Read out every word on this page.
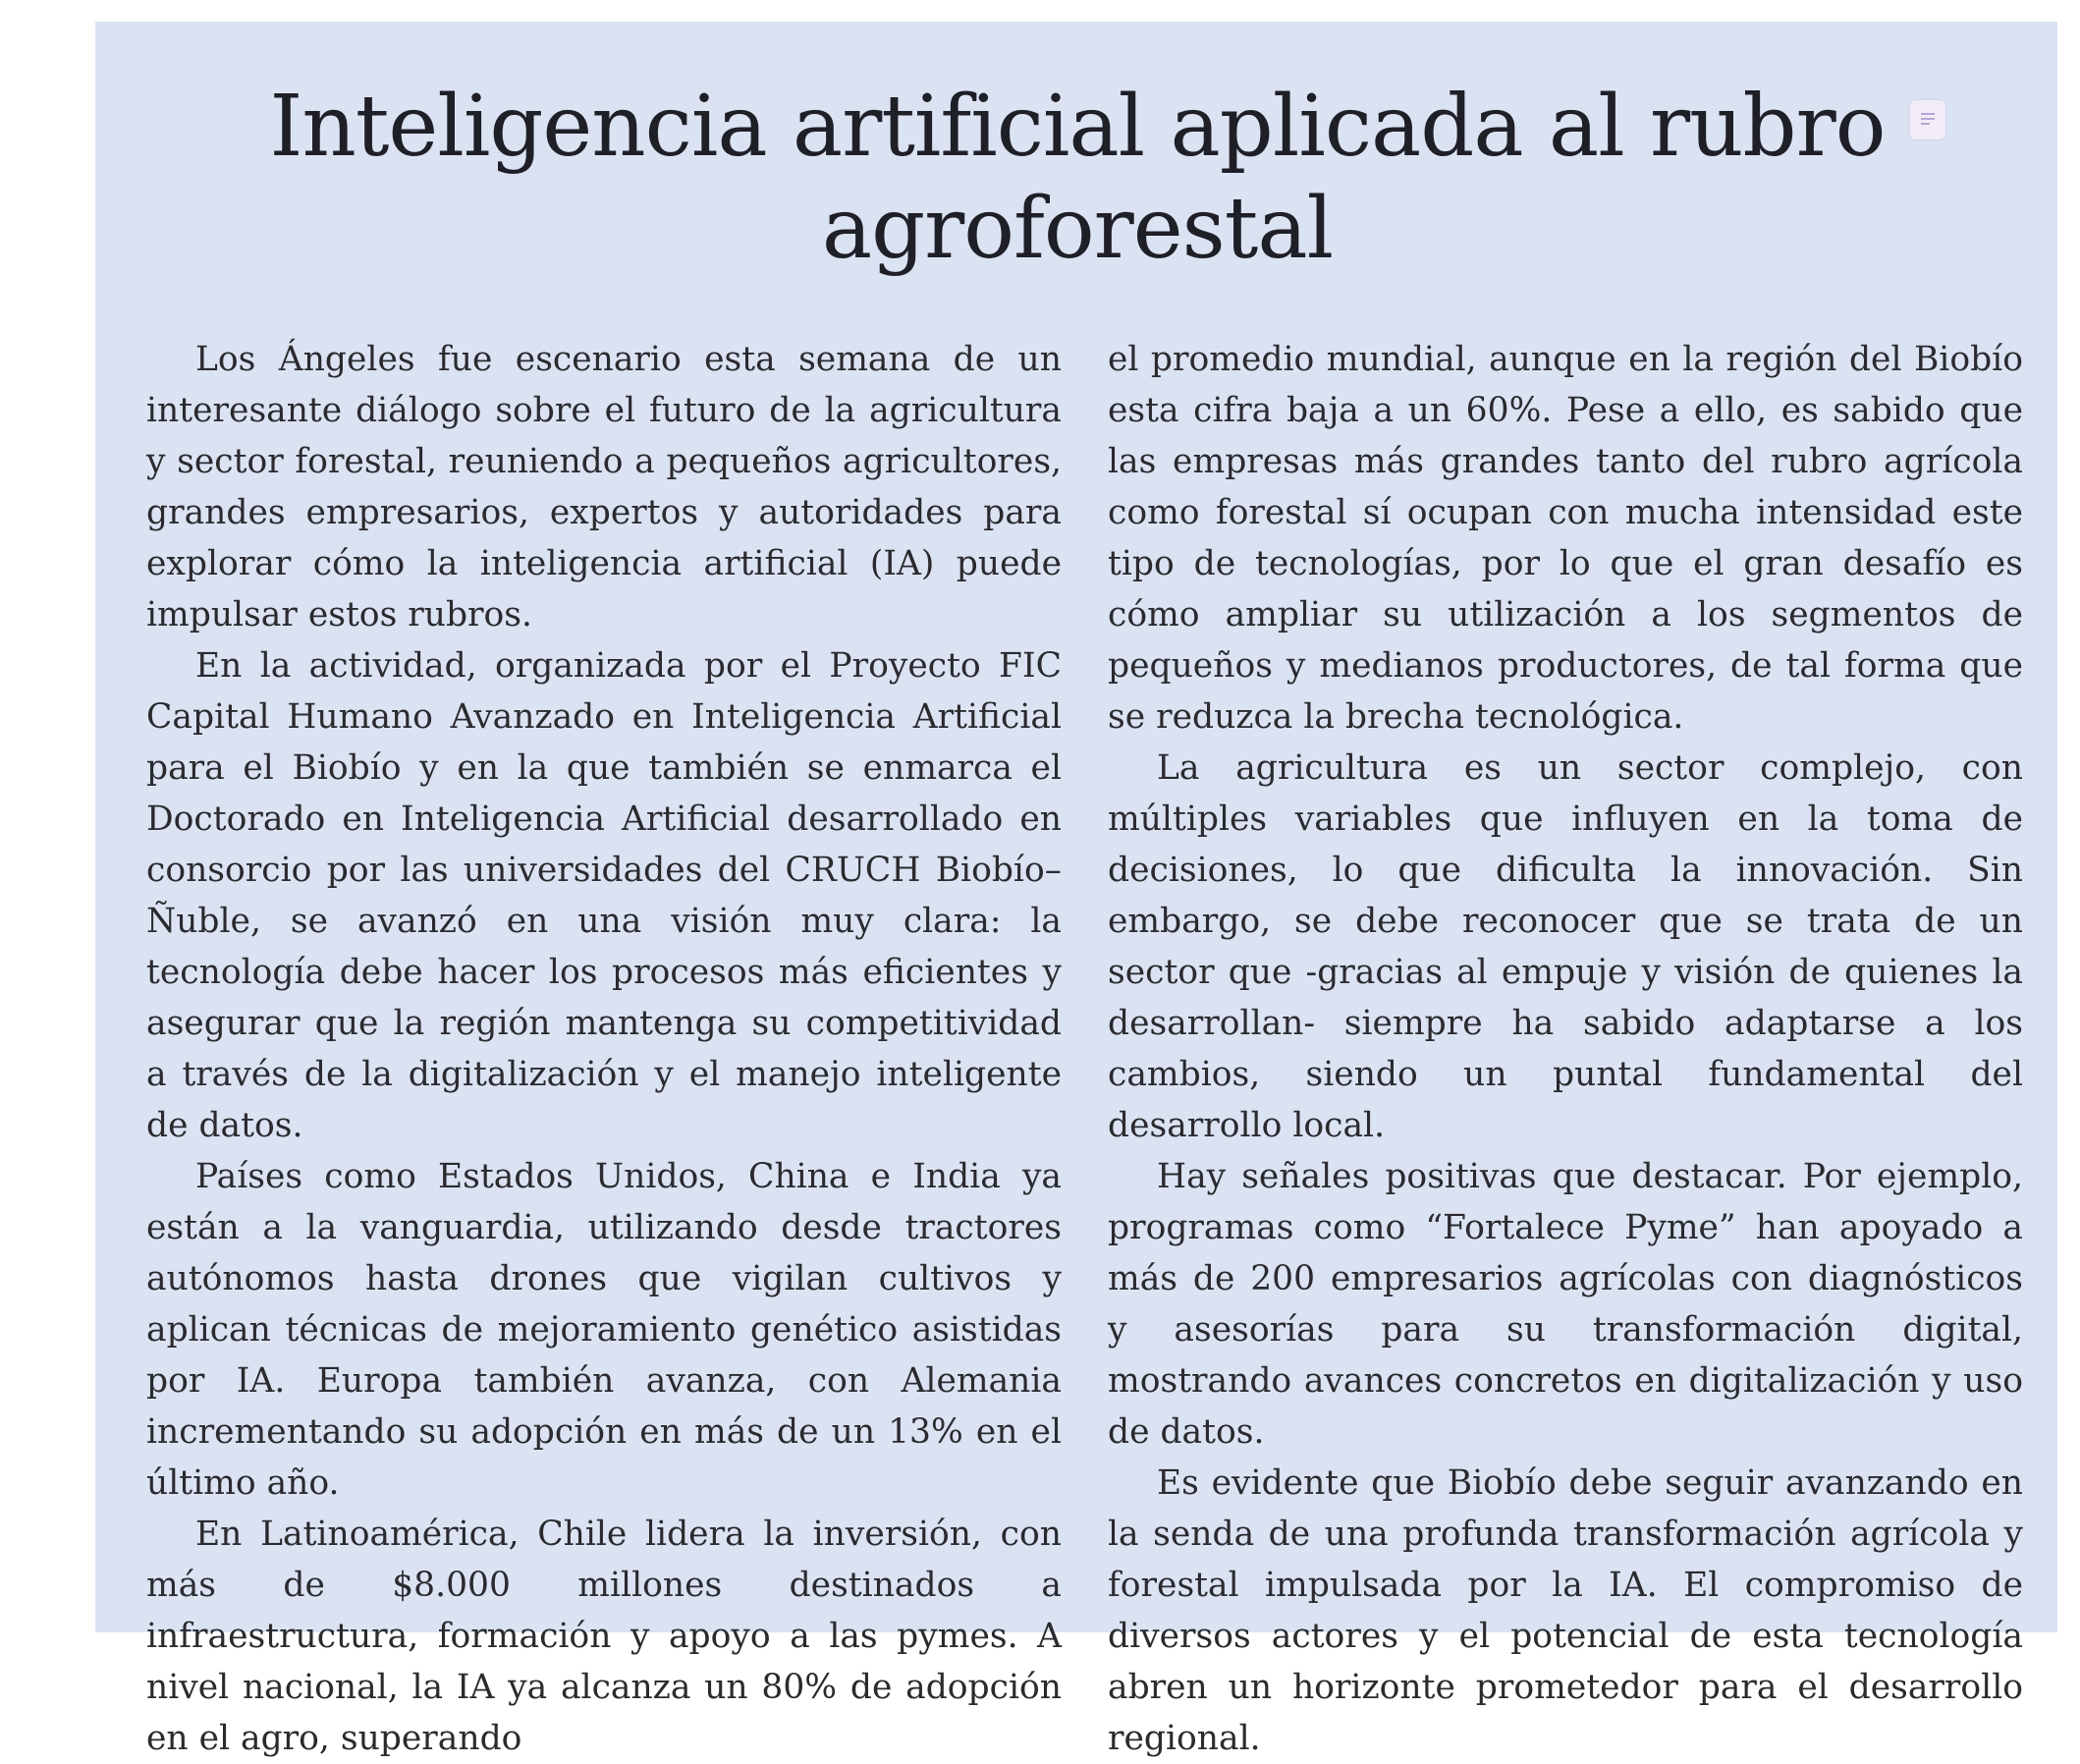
Inteligencia artificial aplicada al rubro agroforestal

Los Ángeles fue escenario esta semana de un interesante diálogo sobre el futuro de la agricultura y sector forestal, reuniendo a pequeños agricultores, grandes empresarios, expertos y autoridades para explorar cómo la inteligencia artificial (IA) puede impulsar estos rubros.

En la actividad, organizada por el Proyecto FIC Capital Humano Avanzado en Inteligencia Artificial para el Biobío y en la que también se enmarca el Doctorado en Inteligencia Artificial desarrollado en consorcio por las universidades del CRUCH Biobío–Ñuble, se avanzó en una visión muy clara: la tecnología debe hacer los procesos más eficientes y asegurar que la región mantenga su competitividad a través de la digitalización y el manejo inteligente de datos.

Países como Estados Unidos, China e India ya están a la vanguardia, utilizando desde tractores autónomos hasta drones que vigilan cultivos y aplican técnicas de mejoramiento genético asistidas por IA. Europa también avanza, con Alemania incrementando su adopción en más de un 13% en el último año.

En Latinoamérica, Chile lidera la inversión, con más de $8.000 millones destinados a infraestructura, formación y apoyo a las pymes. A nivel nacional, la IA ya alcanza un 80% de adopción en el agro, superando

el promedio mundial, aunque en la región del Biobío esta cifra baja a un 60%. Pese a ello, es sabido que las empresas más grandes tanto del rubro agrícola como forestal sí ocupan con mucha intensidad este tipo de tecnologías, por lo que el gran desafío es cómo ampliar su utilización a los segmentos de pequeños y medianos productores, de tal forma que se reduzca la brecha tecnológica.

La agricultura es un sector complejo, con múltiples variables que influyen en la toma de decisiones, lo que dificulta la innovación. Sin embargo, se debe reconocer que se trata de un sector que -gracias al empuje y visión de quienes la desarrollan- siempre ha sabido adaptarse a los cambios, siendo un puntal fundamental del desarrollo local.

Hay señales positivas que destacar. Por ejemplo, programas como “Fortalece Pyme” han apoyado a más de 200 empresarios agrícolas con diagnósticos y asesorías para su transformación digital, mostrando avances concretos en digitalización y uso de datos.

Es evidente que Biobío debe seguir avanzando en la senda de una profunda transformación agrícola y forestal impulsada por la IA. El compromiso de diversos actores y el potencial de esta tecnología abren un horizonte prometedor para el desarrollo regional.
